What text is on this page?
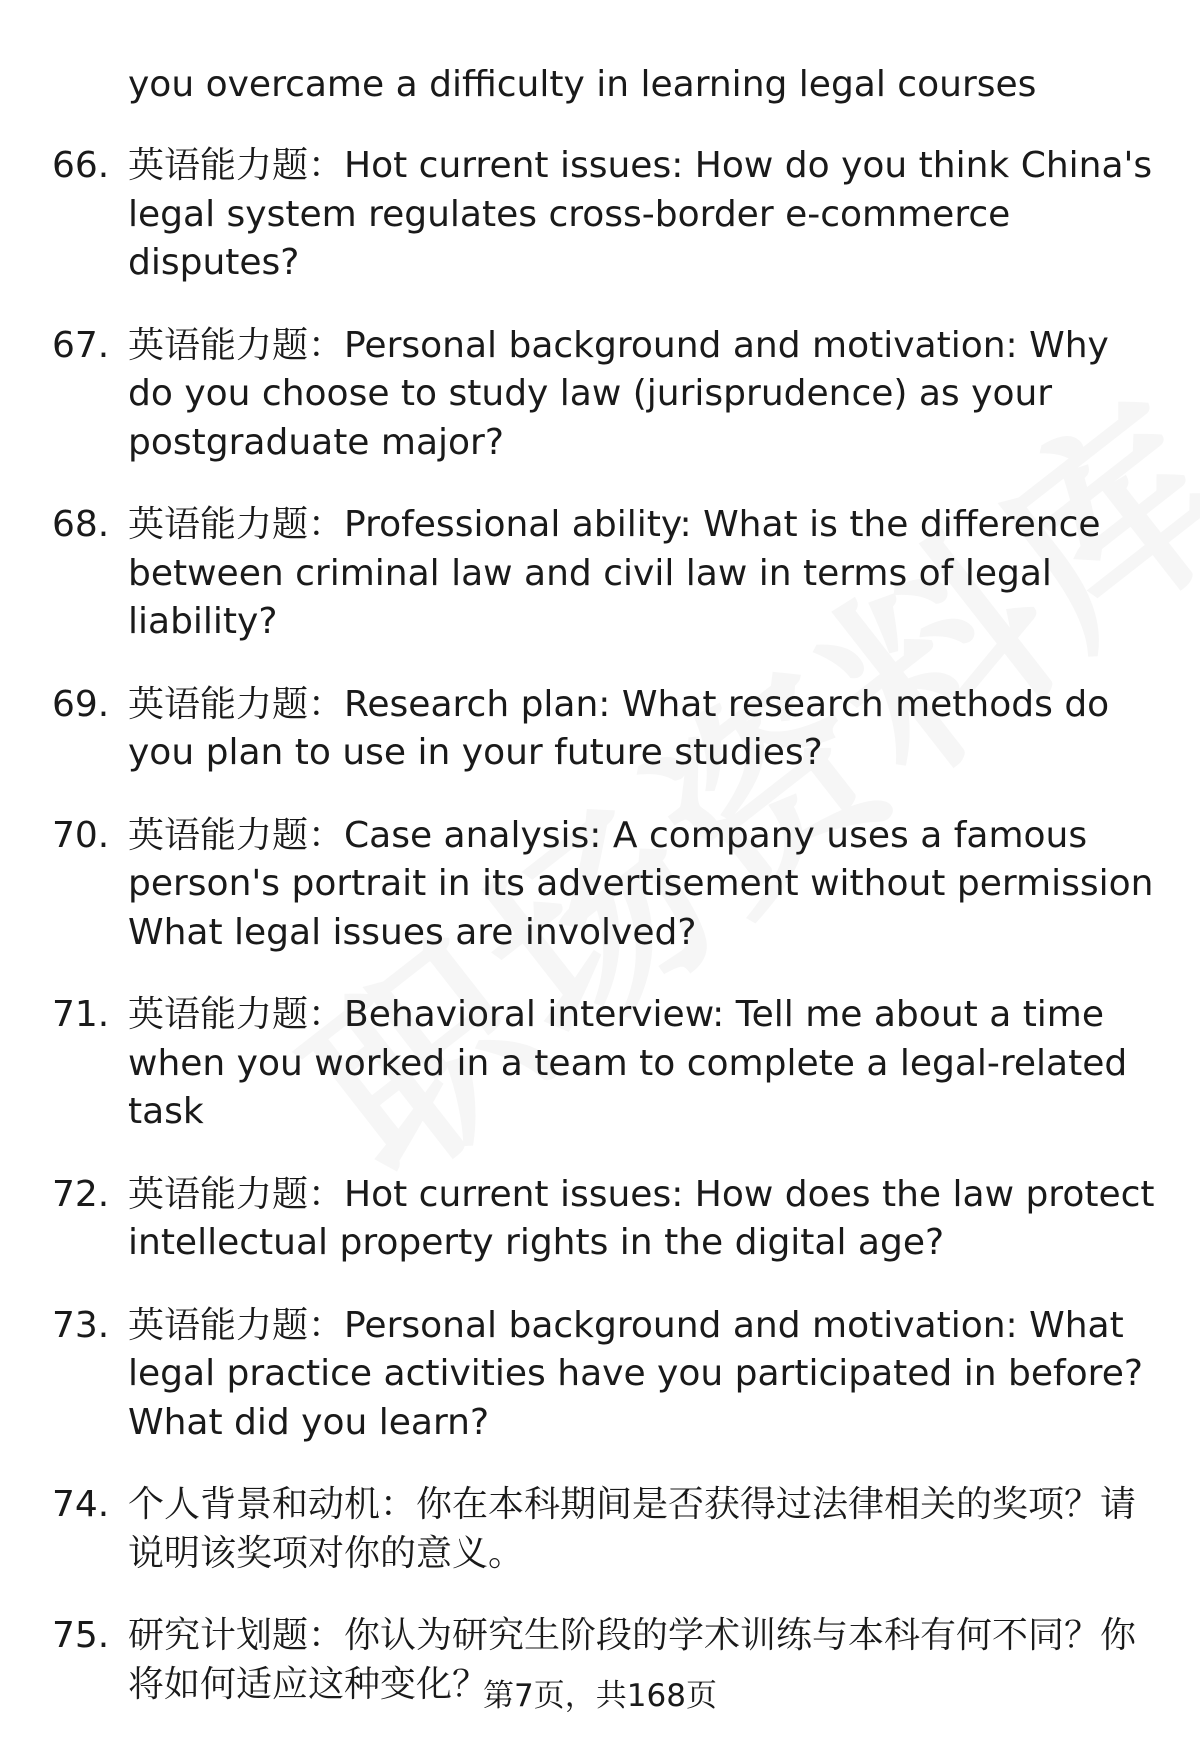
you overcame a difficulty in learning legal courses
66. 英语能力题：Hot current issues: How do you think China's legal system regulates cross-border e-commerce disputes?
67. 英语能力题：Personal background and motivation: Why do you choose to study law (jurisprudence) as your postgraduate major?
68. 英语能力题：Professional ability: What is the difference between criminal law and civil law in terms of legal liability?
69. 英语能力题：Research plan: What research methods do you plan to use in your future studies?
70. 英语能力题：Case analysis: A company uses a famous person's portrait in its advertisement without permission What legal issues are involved?
71. 英语能力题：Behavioral interview: Tell me about a time when you worked in a team to complete a legal-related task
72. 英语能力题：Hot current issues: How does the law protect intellectual property rights in the digital age?
73. 英语能力题：Personal background and motivation: What legal practice activities have you participated in before? What did you learn?
74. 个人背景和动机：你在本科期间是否获得过法律相关的奖项？请说明该奖项对你的意义。
75. 研究计划题：你认为研究生阶段的学术训练与本科有何不同？你将如何适应这种变化？
第7页，共168页
